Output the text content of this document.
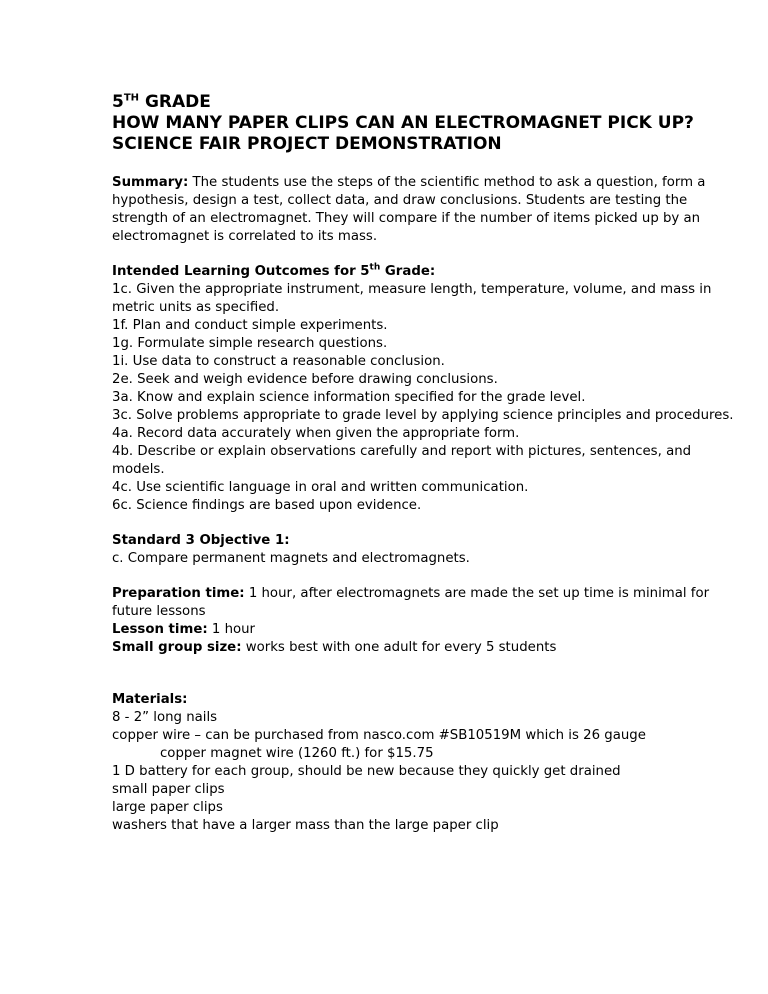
5TH GRADE
HOW MANY PAPER CLIPS CAN AN ELECTROMAGNET PICK UP?
SCIENCE FAIR PROJECT DEMONSTRATION

Summary: The students use the steps of the scientific method to ask a question, form a hypothesis, design a test, collect data, and draw conclusions. Students are testing the strength of an electromagnet. They will compare if the number of items picked up by an electromagnet is correlated to its mass.

Intended Learning Outcomes for 5th Grade:

1c. Given the appropriate instrument, measure length, temperature, volume, and mass in metric units as specified.

1f. Plan and conduct simple experiments.

1g. Formulate simple research questions.

1i. Use data to construct a reasonable conclusion.

2e. Seek and weigh evidence before drawing conclusions.

3a. Know and explain science information specified for the grade level.

3c. Solve problems appropriate to grade level by applying science principles and procedures.

4a. Record data accurately when given the appropriate form.

4b. Describe or explain observations carefully and report with pictures, sentences, and models.

4c. Use scientific language in oral and written communication.

6c. Science findings are based upon evidence.

Standard 3 Objective 1:

c. Compare permanent magnets and electromagnets.

Preparation time: 1 hour, after electromagnets are made the set up time is minimal for future lessons

Lesson time: 1 hour

Small group size: works best with one adult for every 5 students

Materials:

8 - 2” long nails

copper wire – can be purchased from nasco.com #SB10519M which is 26 gauge

copper magnet wire (1260 ft.) for $15.75

1 D battery for each group, should be new because they quickly get drained

small paper clips

large paper clips

washers that have a larger mass than the large paper clip
